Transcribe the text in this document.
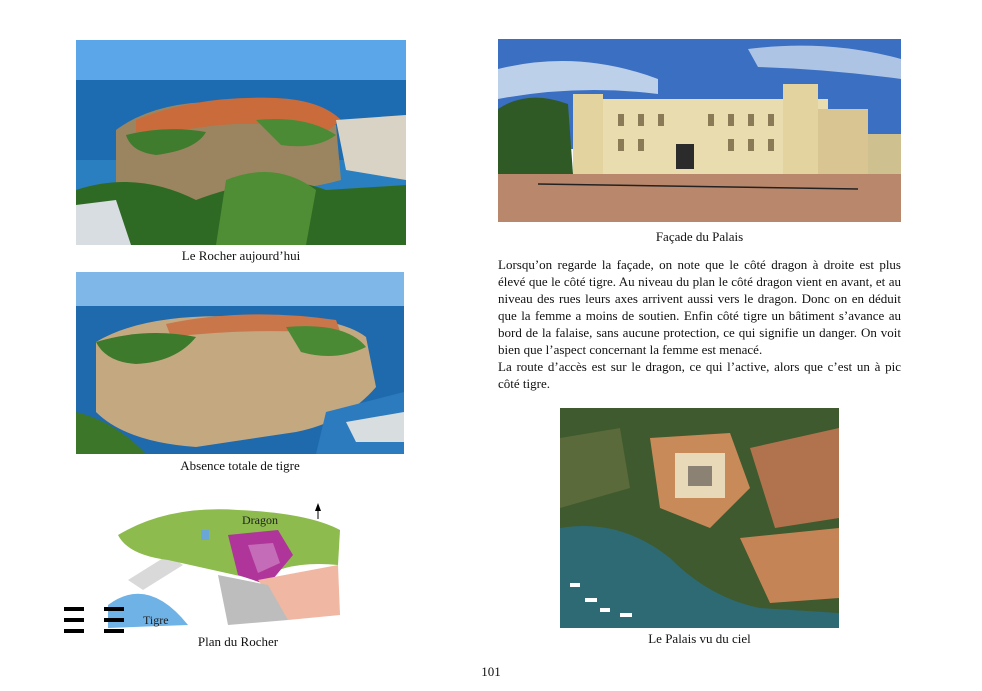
Le Rocher aujourd’hui
Absence totale de tigre
Dragon
Tigre
Plan du Rocher
Façade du Palais

Lorsqu’on regarde la façade, on note que le côté dragon à droite est plus élevé que le côté tigre. Au niveau du plan le côté dragon vient en avant, et au niveau des rues leurs axes arrivent aussi vers le dragon. Donc on en déduit que la femme a moins de soutien. Enfin côté tigre un bâtiment s’avance au bord de la falaise, sans aucune protection, ce qui signifie un danger. On voit bien que l’aspect concernant la femme est menacé.

La route d’accès est sur le dragon, ce qui l’active, alors que c’est un à pic côté tigre.

Le Palais vu du ciel
101
